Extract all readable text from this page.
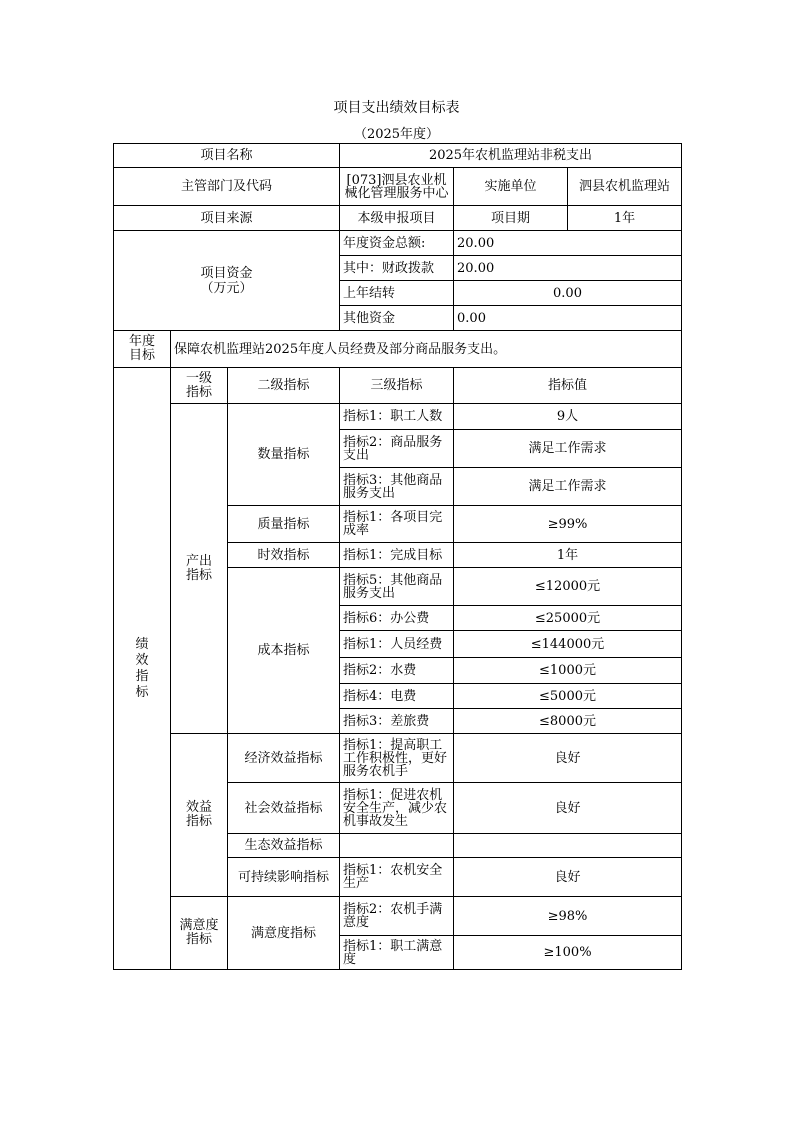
项目支出绩效目标表
（2025年度）
项目名称			2025年农机监理站非税支出		
主管部门及代码			[073]泗县农业机械化管理服务中心	实施单位	泗县农机监理站
项目来源			本级申报项目	项目期	1年
项目资金（万元）			年度资金总额:	20.00	
			其中：财政拨款	20.00	
			上年结转	0.00	
			其他资金	0.00	
年度目标	保障农机监理站2025年度人员经费及部分商品服务支出。				
绩效指标	一级指标	二级指标	三级指标	指标值	
	产出指标	数量指标	指标1：职工人数	9人	
			指标2：商品服务支出	满足工作需求	
			指标3：其他商品服务支出	满足工作需求	
		质量指标	指标1：各项目完成率	≥99%	
		时效指标	指标1：完成目标	1年	
		成本指标	指标5：其他商品服务支出	≤12000元	
			指标6：办公费	≤25000元	
			指标1：人员经费	≤144000元	
			指标2：水费	≤1000元	
			指标4：电费	≤5000元	
			指标3：差旅费	≤8000元	
	效益指标	经济效益指标	指标1：提高职工工作积极性，更好服务农机手	良好	
		社会效益指标	指标1：促进农机安全生产，减少农机事故发生	良好	
		生态效益指标			
		可持续影响指标	指标1：农机安全生产	良好	
	满意度指标	满意度指标	指标2：农机手满意度	≥98%	
			指标1：职工满意度	≥100%	
